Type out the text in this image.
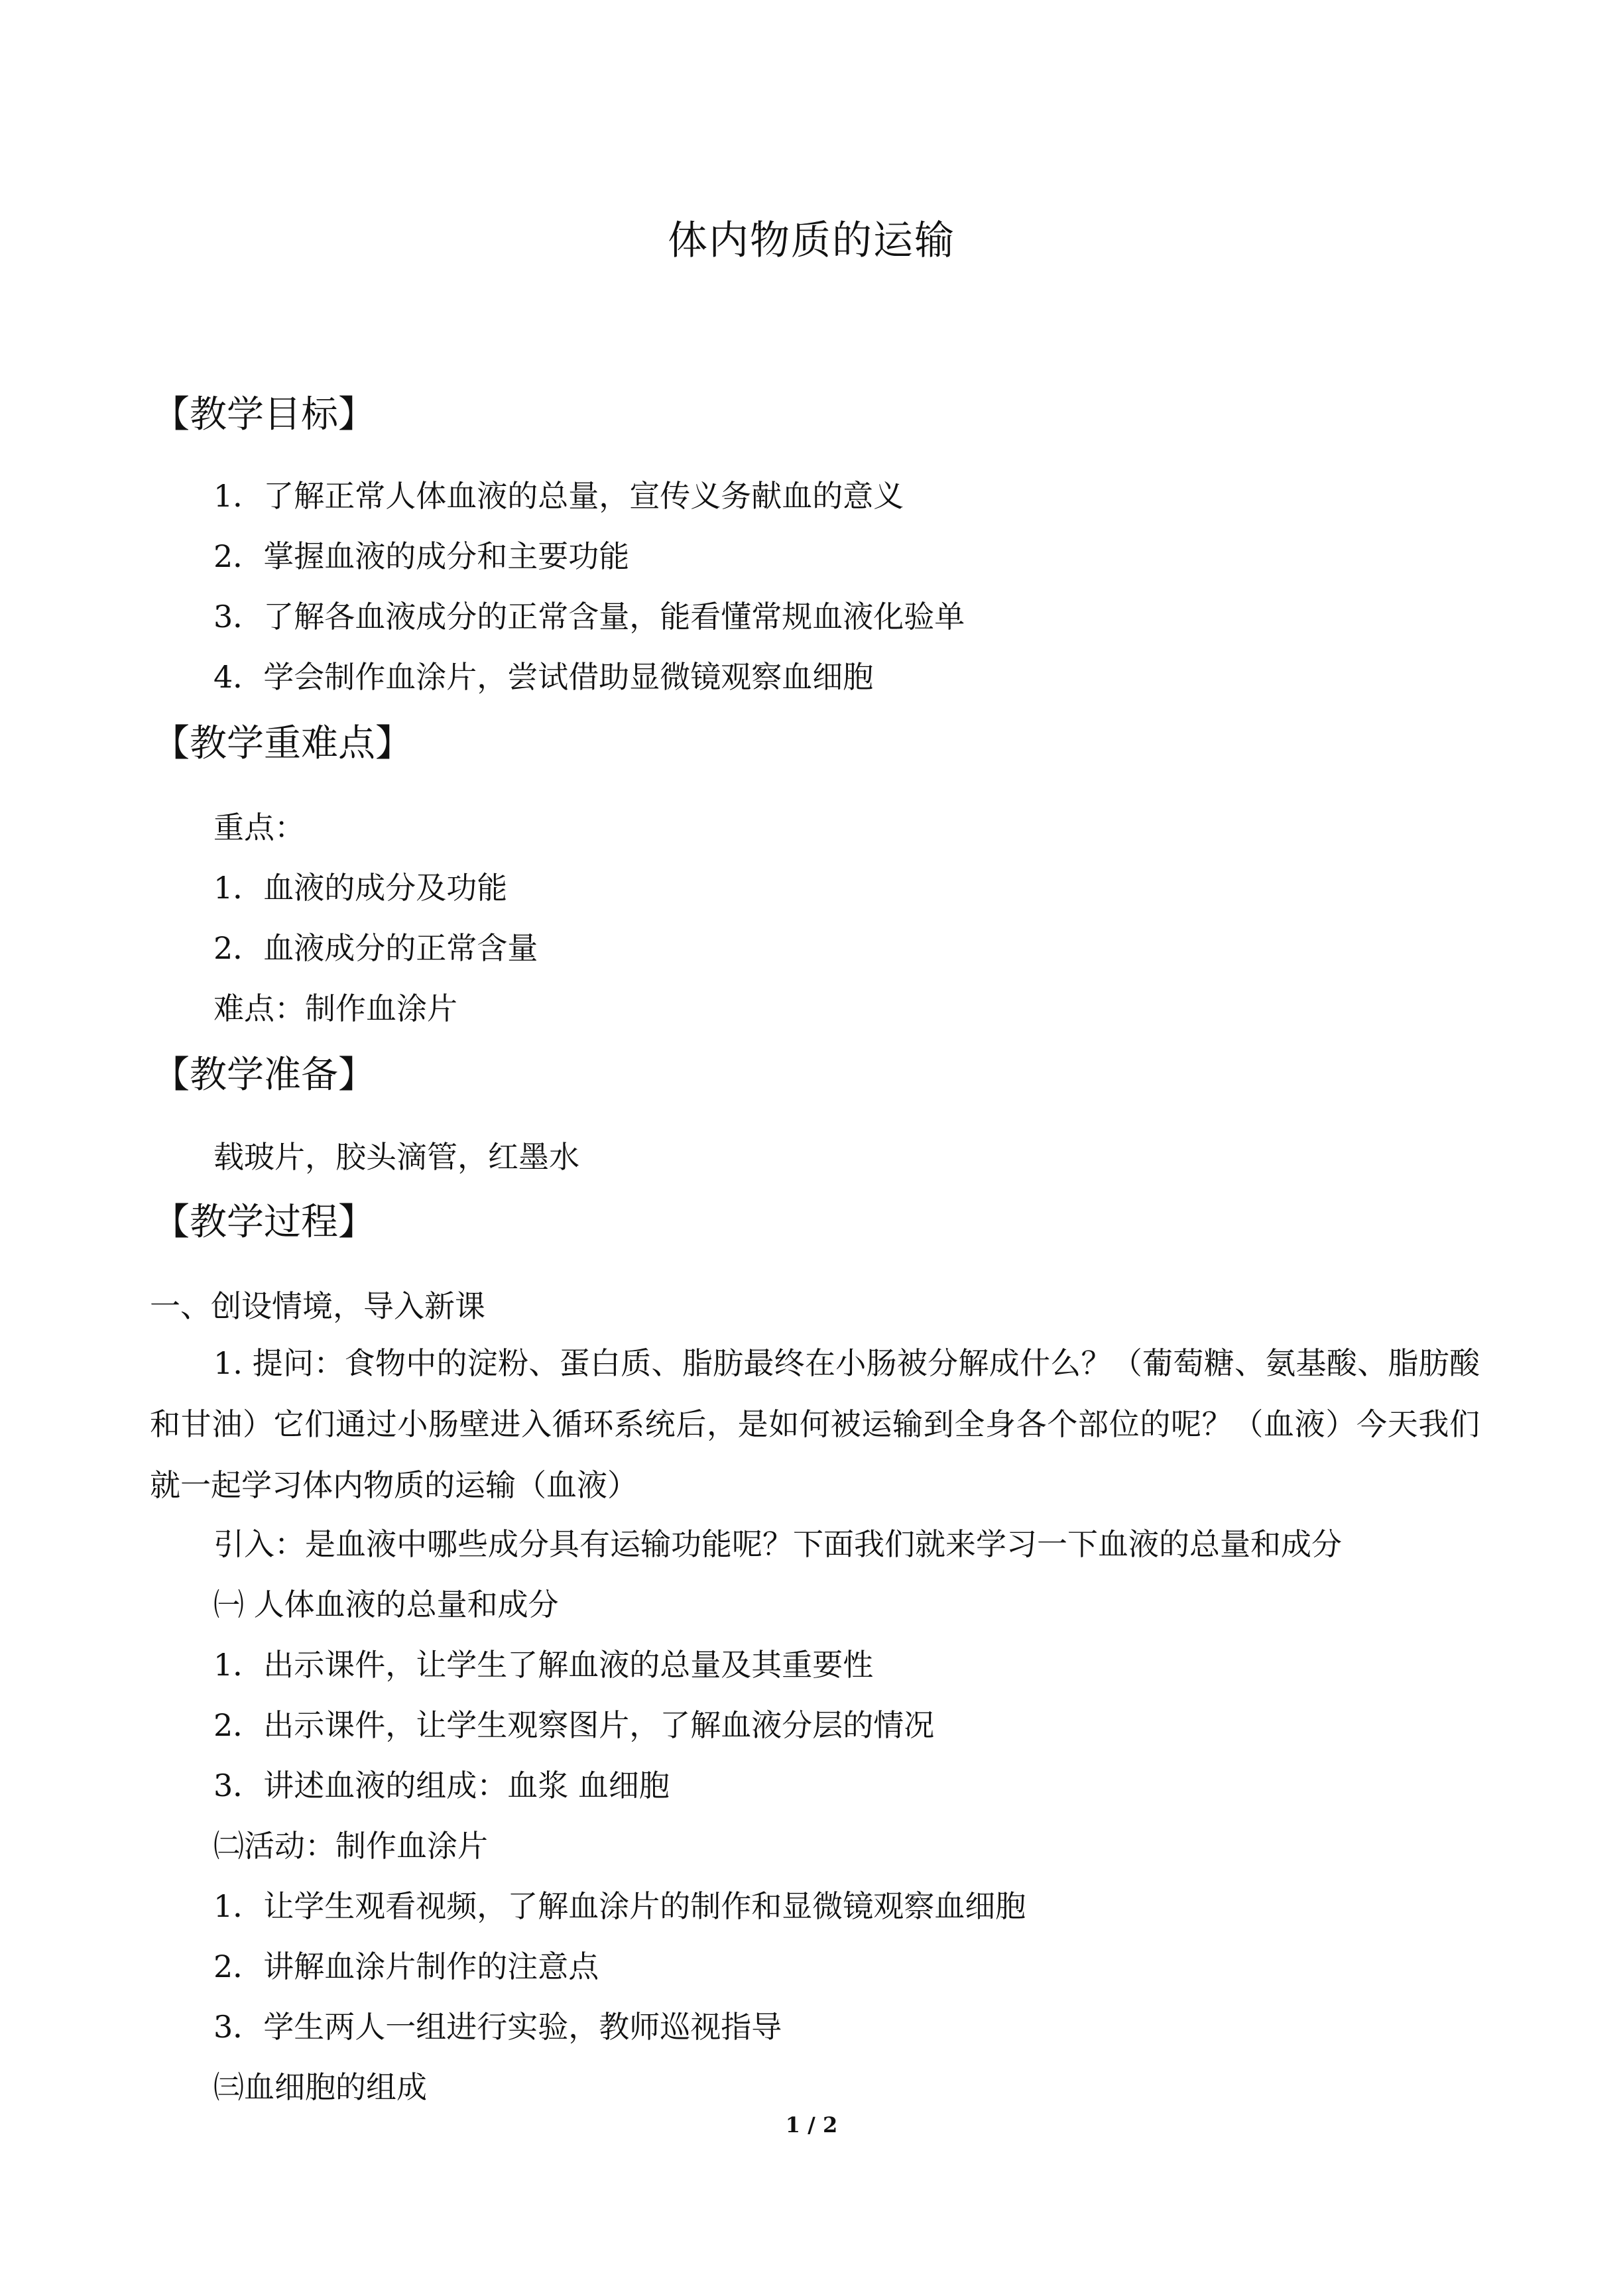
体内物质的运输
【教学目标】
1．了解正常人体血液的总量，宣传义务献血的意义
2．掌握血液的成分和主要功能
3．了解各血液成分的正常含量，能看懂常规血液化验单
4．学会制作血涂片，尝试借助显微镜观察血细胞
【教学重难点】
重点：
1．血液的成分及功能
2．血液成分的正常含量
难点：制作血涂片
【教学准备】
载玻片，胶头滴管，红墨水
【教学过程】
一、创设情境，导入新课
1. 提问：食物中的淀粉、蛋白质、脂肪最终在小肠被分解成什么？（葡萄糖、氨基酸、脂肪酸和甘油）它们通过小肠壁进入循环系统后，是如何被运输到全身各个部位的呢？（血液）今天我们就一起学习体内物质的运输（血液）
引入：是血液中哪些成分具有运输功能呢？下面我们就来学习一下血液的总量和成分
㈠ 人体血液的总量和成分
1．出示课件，让学生了解血液的总量及其重要性
2．出示课件，让学生观察图片，了解血液分层的情况
3．讲述血液的组成：血浆 血细胞
㈡活动：制作血涂片
1．让学生观看视频，了解血涂片的制作和显微镜观察血细胞
2．讲解血涂片制作的注意点
3．学生两人一组进行实验，教师巡视指导
㈢血细胞的组成
1 / 2
